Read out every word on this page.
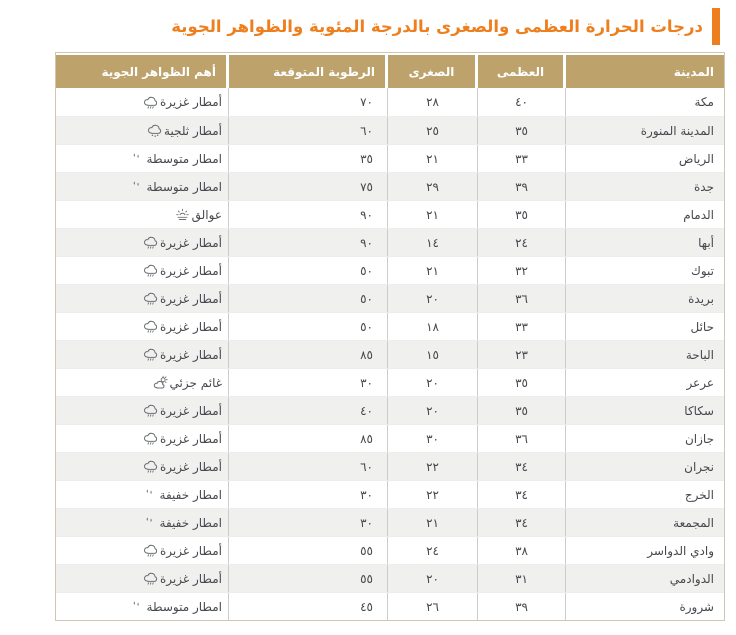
درجات الحرارة العظمى والصغرى بالدرجة المئوية والظواهر الجوية
المدينة
العظمى
الصغرى
الرطوبة المتوقعة
أهم الظواهر الجوية
مكة
٤٠
٢٨
٧٠
أمطار غزيرة
المدينة المنورة
٣٥
٢٥
٦٠
أمطار ثلجية
الرياض
٣٣
٢١
٣٥
امطار متوسطة
جدة
٣٩
٢٩
٧٥
امطار متوسطة
الدمام
٣٥
٢١
٩٠
عوالق
أبها
٢٤
١٤
٩٠
أمطار غزيرة
تبوك
٣٢
٢١
٥٠
أمطار غزيرة
بريدة
٣٦
٢٠
٥٠
أمطار غزيرة
حائل
٣٣
١٨
٥٠
أمطار غزيرة
الباحة
٢٣
١٥
٨٥
أمطار غزيرة
عرعر
٣٥
٢٠
٣٠
غائم جزئي
سكاكا
٣٥
٢٠
٤٠
أمطار غزيرة
جازان
٣٦
٣٠
٨٥
أمطار غزيرة
نجران
٣٤
٢٢
٦٠
أمطار غزيرة
الخرج
٣٤
٢٢
٣٠
امطار خفيفة
المجمعة
٣٤
٢١
٣٠
امطار خفيفة
وادي الدواسر
٣٨
٢٤
٥٥
أمطار غزيرة
الدوادمي
٣١
٢٠
٥٥
أمطار غزيرة
شرورة
٣٩
٢٦
٤٥
امطار متوسطة
